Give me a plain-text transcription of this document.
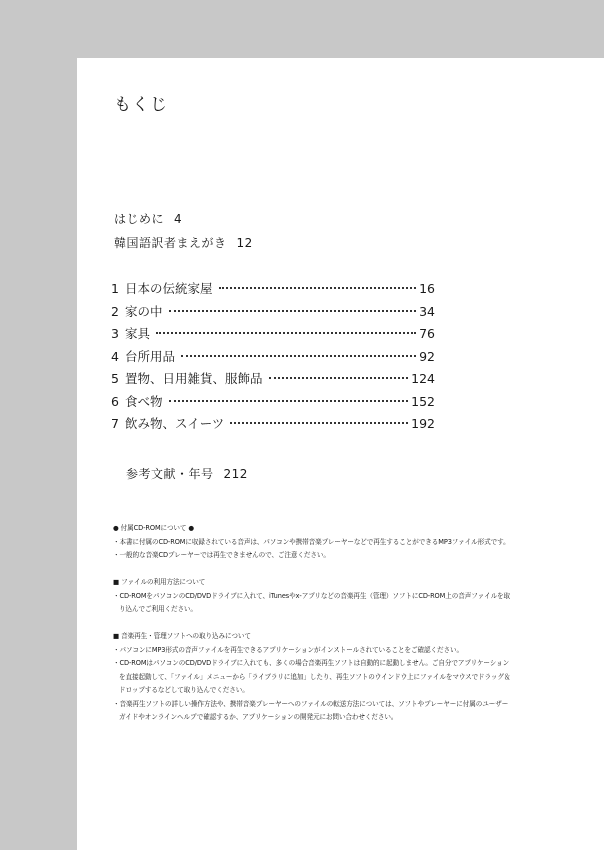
もくじ
はじめに 4
韓国語訳者まえがき 12
1 日本の伝統家屋	16
2 家の中	34
3 家具	76
4 台所用品	92
5 置物、日用雑貨、服飾品	124
6 食べ物	152
7 飲み物、スイーツ	192
参考文献・年号 212

● 付属CD-ROMについて ●

・本書に付属のCD-ROMに収録されている音声は、パソコンや携帯音楽プレーヤーなどで再生することができるMP3ファイル形式です。

・一般的な音楽CDプレーヤーでは再生できませんので、ご注意ください。

■ ファイルの利用方法について

・CD-ROMをパソコンのCD/DVDドライブに入れて、iTunesやx-アプリなどの音楽再生（管理）ソフトにCD-ROM上の音声ファイルを取り込んでご利用ください。

■ 音楽再生・管理ソフトへの取り込みについて

・パソコンにMP3形式の音声ファイルを再生できるアプリケーションがインストールされていることをご確認ください。

・CD-ROMはパソコンのCD/DVDドライブに入れても、多くの場合音楽再生ソフトは自動的に起動しません。ご自分でアプリケーションを直接起動して、「ファイル」メニューから「ライブラリに追加」したり、再生ソフトのウインドウ上にファイルをマウスでドラッグ＆ドロップするなどして取り込んでください。

・音楽再生ソフトの詳しい操作方法や、携帯音楽プレーヤーへのファイルの転送方法については、ソフトやプレーヤーに付属のユーザーガイドやオンラインヘルプで確認するか、アプリケーションの開発元にお問い合わせください。
